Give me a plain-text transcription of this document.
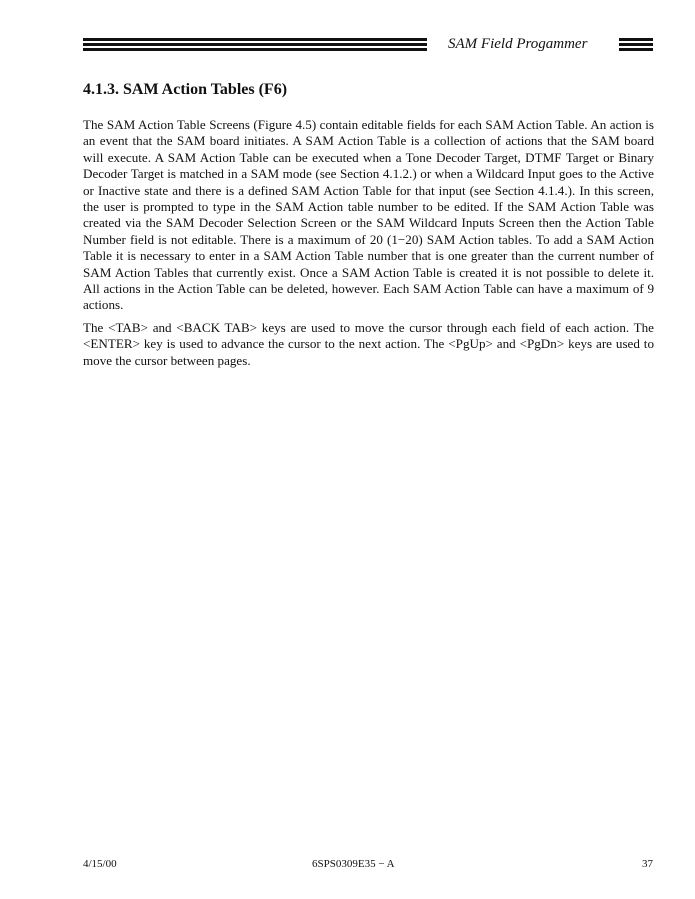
SAM Field Progammer
4.1.3. SAM Action Tables (F6)

The SAM Action Table Screens (Figure 4.5) contain editable fields for each SAM Action Table. An action is an event that the SAM board initiates. A SAM Action Table is a collection of actions that the SAM board will execute. A SAM Action Table can be executed when a Tone Decoder Target, DTMF Target or Binary Decoder Target is matched in a SAM mode (see Section 4.1.2.) or when a Wildcard Input goes to the Active or Inactive state and there is a defined SAM Action Table for that input (see Section 4.1.4.). In this screen, the user is prompted to type in the SAM Action table number to be edited. If the SAM Action Table was created via the SAM Decoder Selection Screen or the SAM Wildcard Inputs Screen then the Action Table Number field is not editable. There is a maximum of 20 (1−20) SAM Action tables. To add a SAM Action Table it is necessary to enter in a SAM Action Table number that is one greater than the current number of SAM Action Tables that currently exist. Once a SAM Action Table is created it is not possible to delete it. All actions in the Action Table can be deleted, however. Each SAM Action Table can have a maximum of 9 actions.

The <TAB> and <BACK TAB> keys are used to move the cursor through each field of each action. The <ENTER> key is used to advance the cursor to the next action. The <PgUp> and <PgDn> keys are used to move the cursor between pages.

4/15/00	6SPS0309E35 − A	37
